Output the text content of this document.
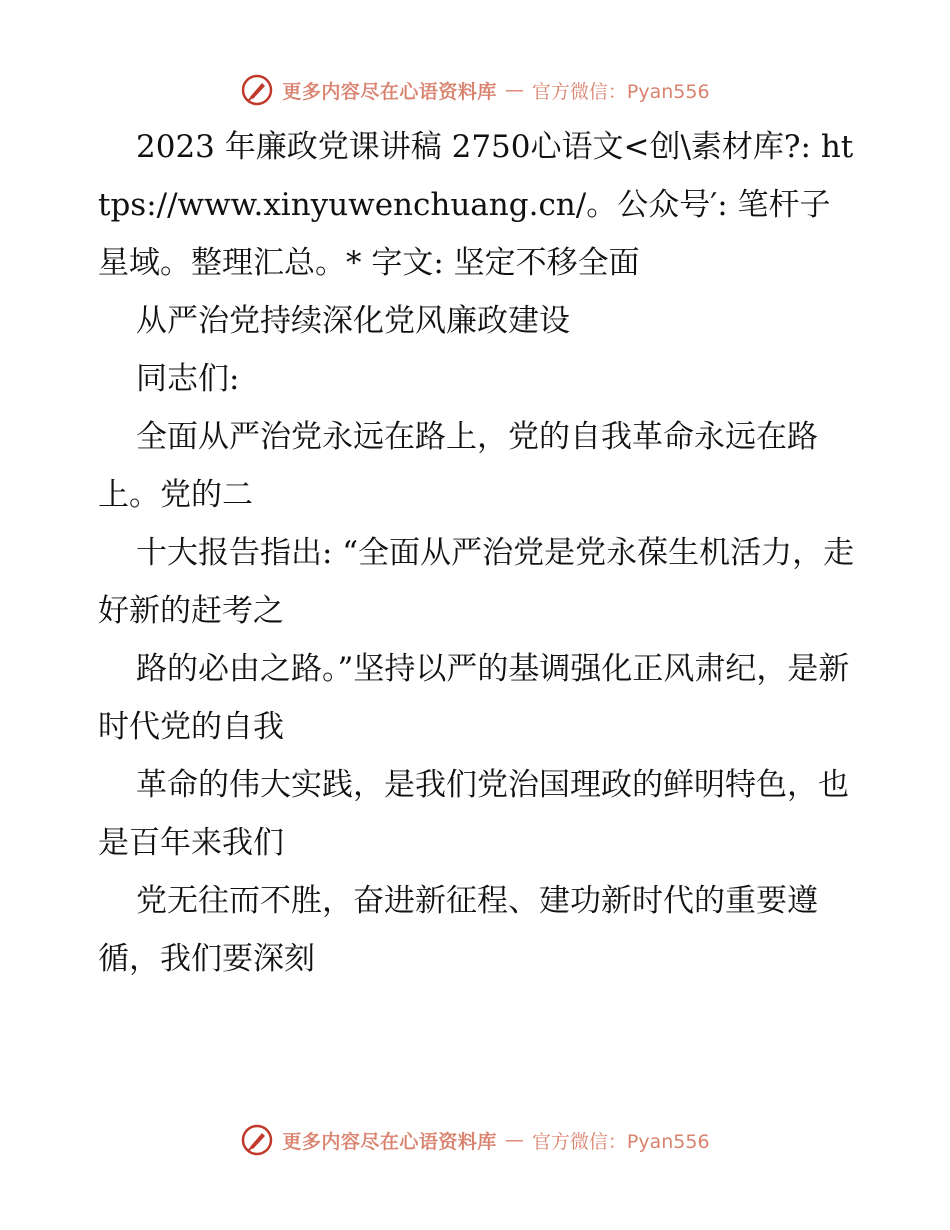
更多内容尽在心语资料库 — 官方微信：Pyan556

2023 年廉政党课讲稿 2750心语文<创\素材库?: https://www.xinyuwenchuang.cn/。公众号′: 笔杆子星域。整理汇总。* 字文: 坚定不移全面

从严治党持续深化党风廉政建设

同志们:

全面从严治党永远在路上，党的自我革命永远在路上。党的二

十大报告指出: “全面从严治党是党永葆生机活力，走好新的赶考之

路的必由之路。”坚持以严的基调强化正风肃纪，是新时代党的自我

革命的伟大实践，是我们党治国理政的鲜明特色，也是百年来我们

党无往而不胜，奋进新征程、建功新时代的重要遵循，我们要深刻

更多内容尽在心语资料库 — 官方微信：Pyan556
